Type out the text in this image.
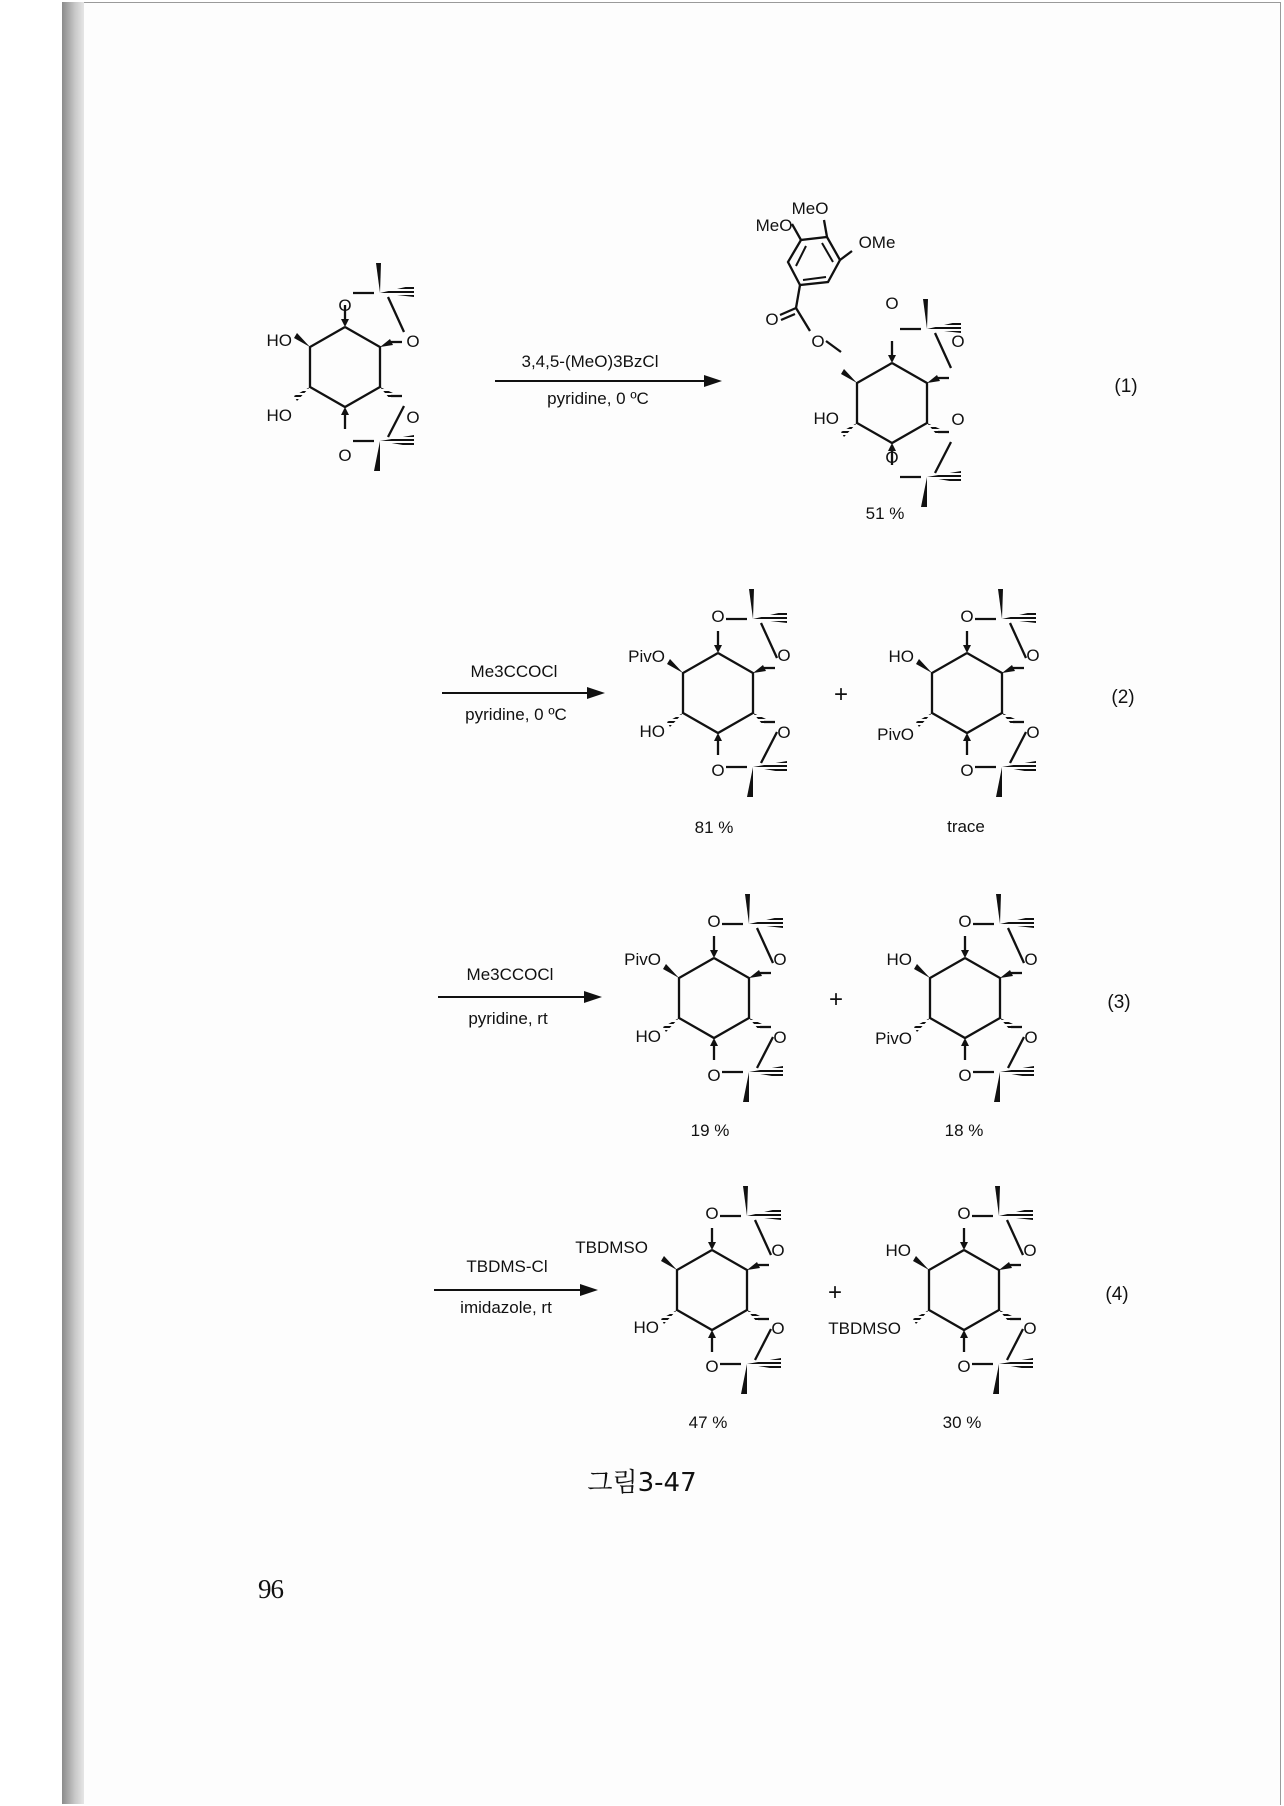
O
O
O
O
HO
HO
3,4,5-(MeO)3BzCl
pyridine, 0 ºC
MeO
MeO
OMe
O
O
O
O
O
O
HO
51 %
(1)
Me3CCOCl
pyridine, 0 ºC
O
O
O
O
PivO
HO
81 %
+
O
O
O
O
HO
PivO
trace
(2)
Me3CCOCl
pyridine, rt
O
O
O
O
PivO
HO
19 %
+
O
O
O
O
HO
PivO
18 %
(3)
TBDMS-Cl
imidazole, rt
O
O
O
O
TBDMSO
HO
47 %
+
O
O
O
O
HO
TBDMSO
30 %
(4)
그림3-47
96
